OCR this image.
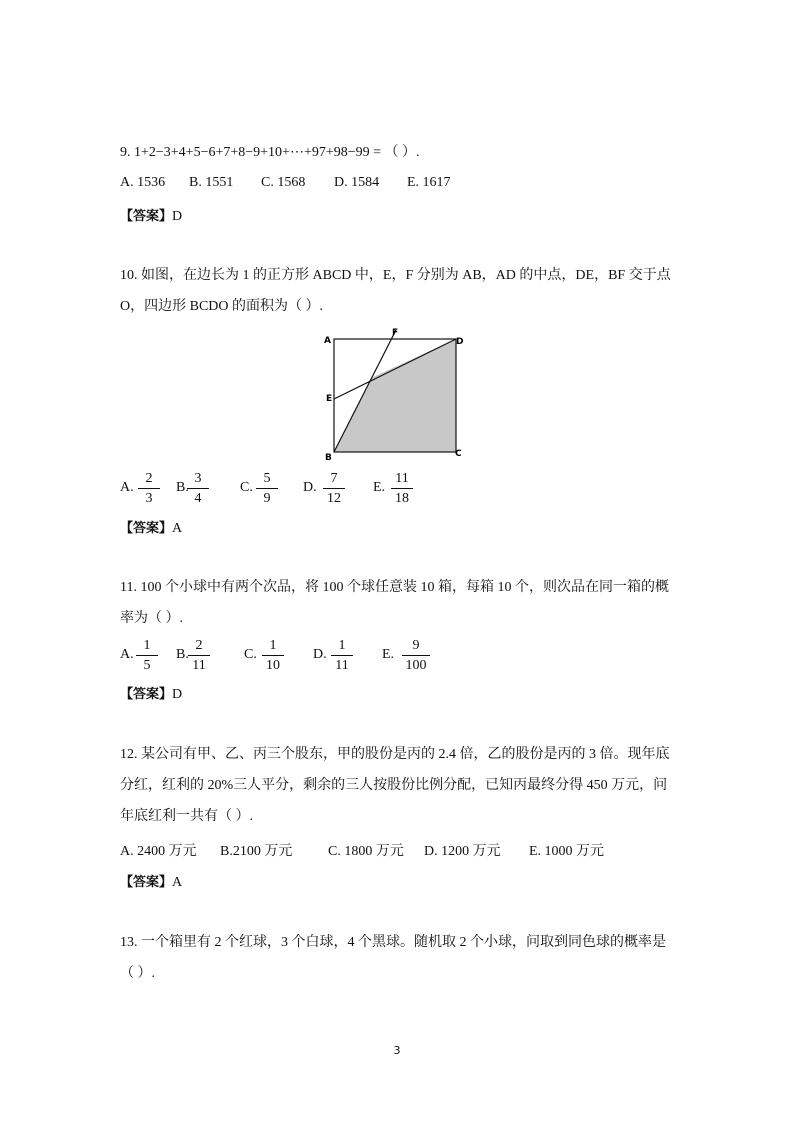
9. 1+2−3+4+5−6+7+8−9+10+⋯+97+98−99 = （ ）.
A. 1536 B. 1551 C. 1568 D. 1584 E. 1617
【答案】D
10. 如图，在边长为 1 的正方形 ABCD 中，E，F 分别为 AB，AD 的中点，DE，BF 交于点
O，四边形 BCDO 的面积为（ ）.
A
F
D
E
B	C
A.
2
3
B.
3
4
C.
5
9
D.
7
12
E.
11
18
【答案】A
11. 100 个小球中有两个次品，将 100 个球任意装 10 箱，每箱 10 个，则次品在同一箱的概
率为（ ）.
A.
1
5
B.
2
11
C.
1
10
D.
1
11
E.
9
100
【答案】D
12. 某公司有甲、乙、丙三个股东，甲的股份是丙的 2.4 倍，乙的股份是丙的 3 倍。现年底
分红，红利的 20%三人平分，剩余的三人按股份比例分配，已知丙最终分得 450 万元，问
年底红利一共有（ ）.
A. 2400 万元 B.2100 万元	C. 1800 万元 D. 1200 万元 E. 1000 万元
【答案】A
13. 一个箱里有 2 个红球，3 个白球，4 个黑球。随机取 2 个小球，问取到同色球的概率是
（ ）.
3
